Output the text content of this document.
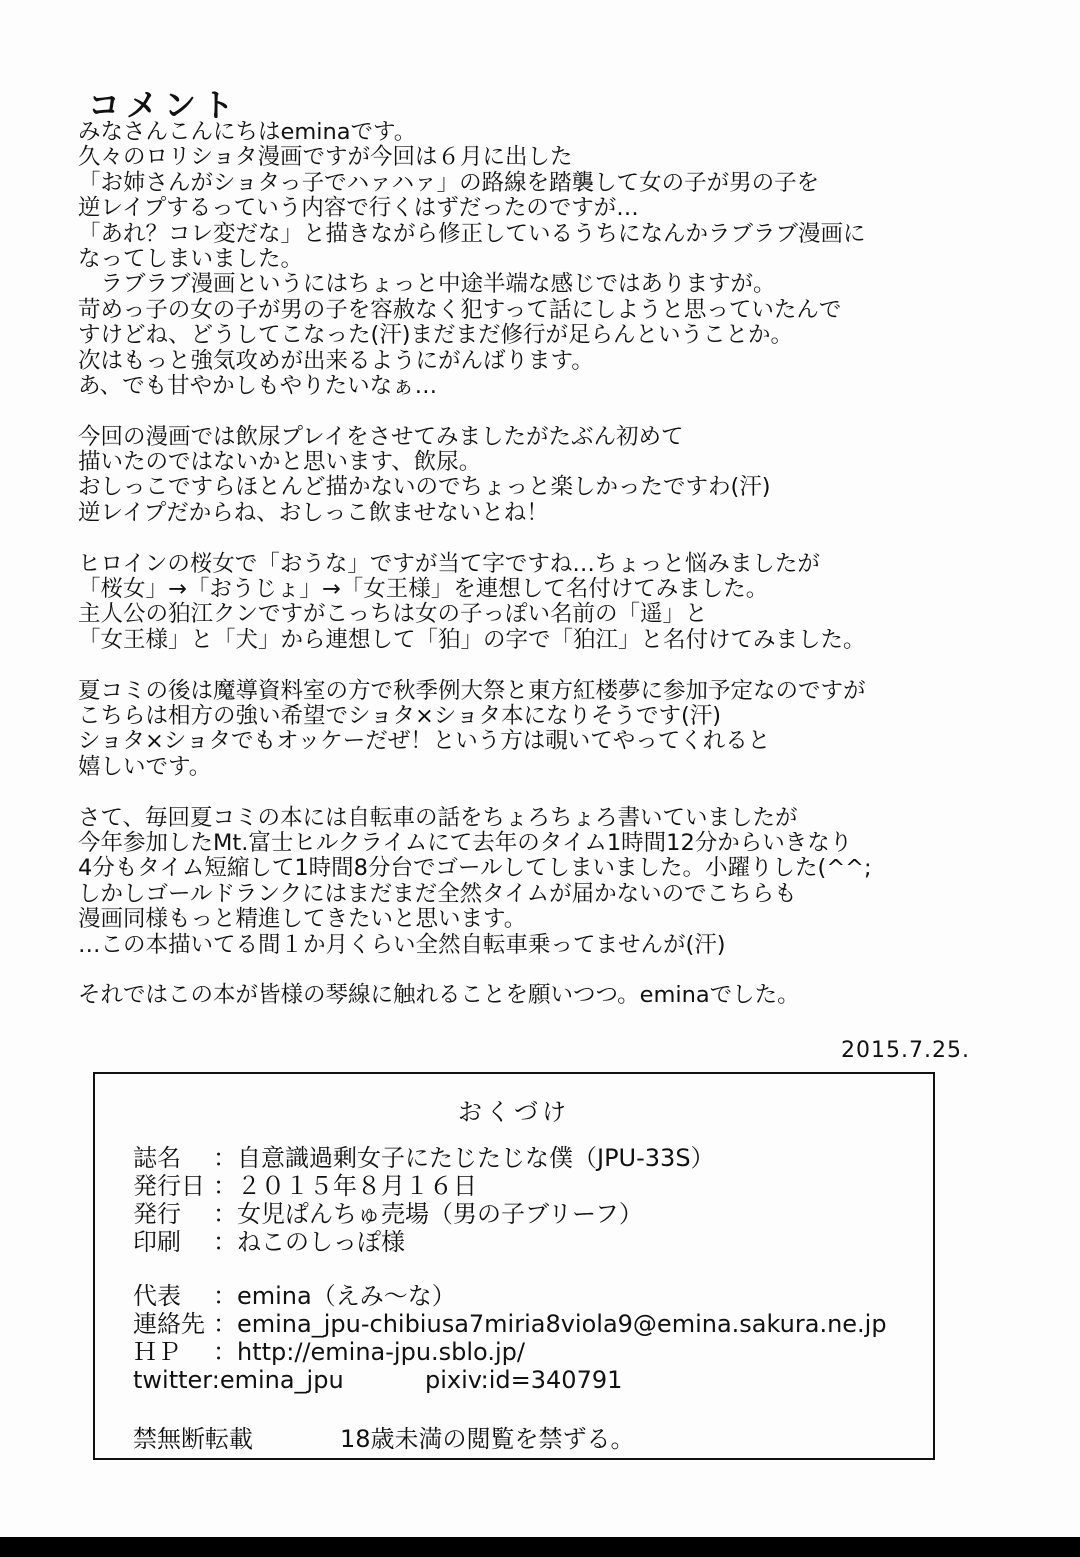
コメント
みなさんこんにちはeminaです。
久々のロリショタ漫画ですが今回は６月に出した
「お姉さんがショタっ子でハァハァ」の路線を踏襲して女の子が男の子を
逆レイプするっていう内容で行くはずだったのですが…
「あれ？コレ変だな」と描きながら修正しているうちになんかラブラブ漫画に
なってしまいました。
　ラブラブ漫画というにはちょっと中途半端な感じではありますが。
苛めっ子の女の子が男の子を容赦なく犯すって話にしようと思っていたんで
すけどね、どうしてこなった(汗)まだまだ修行が足らんということか。
次はもっと強気攻めが出来るようにがんばります。
あ、でも甘やかしもやりたいなぁ…
今回の漫画では飲尿プレイをさせてみましたがたぶん初めて
描いたのではないかと思います、飲尿。
おしっこですらほとんど描かないのでちょっと楽しかったですわ(汗)
逆レイプだからね、おしっこ飲ませないとね！
ヒロインの桜女で「おうな」ですが当て字ですね…ちょっと悩みましたが
「桜女」→「おうじょ」→「女王様」を連想して名付けてみました。
主人公の狛江クンですがこっちは女の子っぽい名前の「遥」と
「女王様」と「犬」から連想して「狛」の字で「狛江」と名付けてみました。
夏コミの後は魔導資料室の方で秋季例大祭と東方紅楼夢に参加予定なのですが
こちらは相方の強い希望でショタ×ショタ本になりそうです(汗)
ショタ×ショタでもオッケーだぜ！という方は覗いてやってくれると
嬉しいです。
さて、毎回夏コミの本には自転車の話をちょろちょろ書いていましたが
今年参加したMt.富士ヒルクライムにて去年のタイム1時間12分からいきなり
4分もタイム短縮して1時間8分台でゴールしてしまいました。小躍りした(^^;
しかしゴールドランクにはまだまだ全然タイムが届かないのでこちらも
漫画同様もっと精進してきたいと思います。
…この本描いてる間１か月くらい全然自転車乗ってませんが(汗)
それではこの本が皆様の琴線に触れることを願いつつ。eminaでした。
2015.7.25.
おくづけ
誌名 ：自意識過剰女子にたじたじな僕（JPU-33S）
発行日 ：２０１５年８月１６日
発行 ：女児ぱんちゅ売場（男の子ブリーフ）
印刷 ：ねこのしっぽ様
代表 ：emina（えみ～な）
連絡先 ：emina_jpu-chibiusa7miria8viola9@emina.sakura.ne.jp
ＨＰ ：http://emina-jpu.sblo.jp/
twitter:emina_jpu	pixiv:id=340791
禁無断転載	18歳未満の閲覧を禁ずる。
